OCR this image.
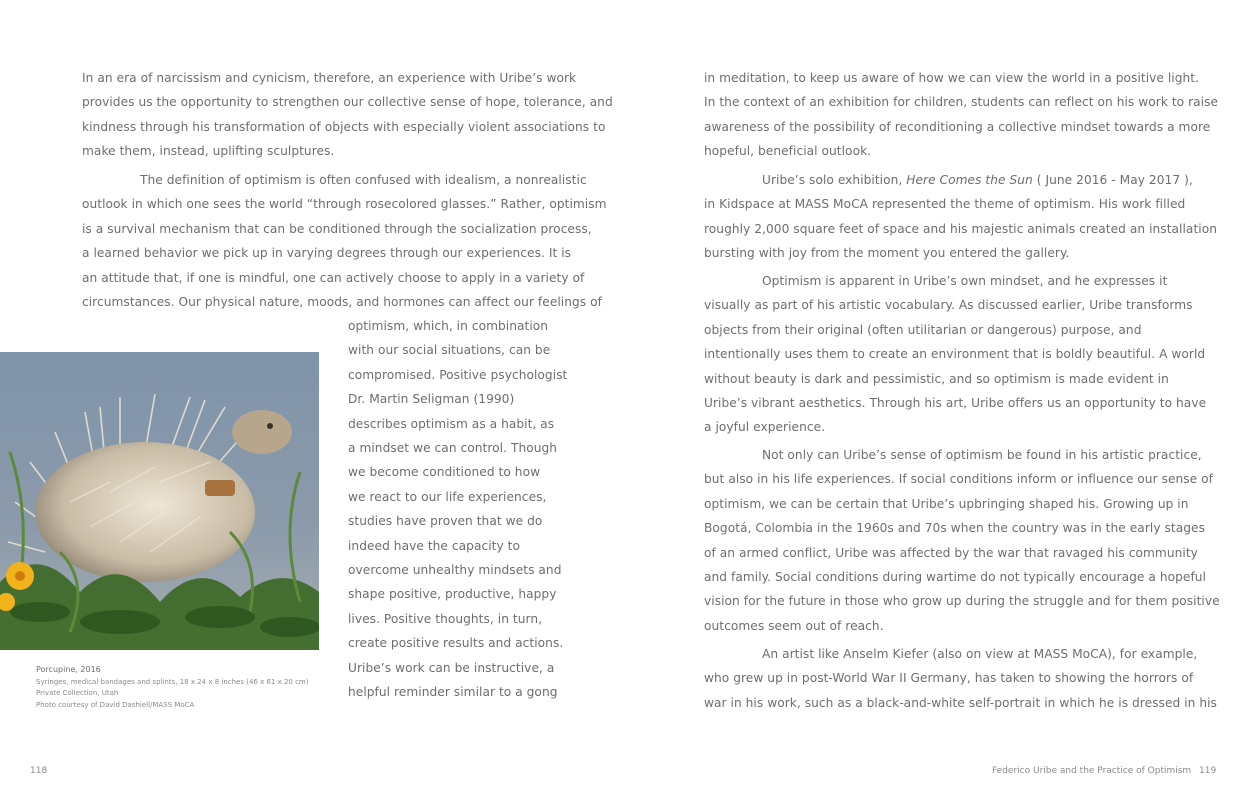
In an era of narcissism and cynicism, therefore, an experience with Uribe’s work
provides us the opportunity to strengthen our collective sense of hope, tolerance, and
kindness through his transformation of objects with especially violent associations to
make them, instead, uplifting sculptures.
The definition of optimism is often confused with idealism, a nonrealistic
outlook in which one sees the world “through rosecolored glasses.” Rather, optimism
is a survival mechanism that can be conditioned through the socialization process,
a learned behavior we pick up in varying degrees through our experiences. It is
an attitude that, if one is mindful, one can actively choose to apply in a variety of
circumstances. Our physical nature, moods, and hormones can affect our feelings of
optimism, which, in combination
with our social situations, can be
compromised. Positive psychologist
Dr. Martin Seligman (1990)
describes optimism as a habit, as
a mindset we can control. Though
we become conditioned to how
we react to our life experiences,
studies have proven that we do
indeed have the capacity to
overcome unhealthy mindsets and
shape positive, productive, happy
lives. Positive thoughts, in turn,
create positive results and actions.
Uribe’s work can be instructive, a
helpful reminder similar to a gong
Porcupine, 2016
Syringes, medical bandages and splints, 18 x 24 x 8 inches (46 x 61 x 20 cm)
Private Collection, Utah
Photo courtesy of David Dashiell/MASS MoCA
118
in meditation, to keep us aware of how we can view the world in a positive light.
In the context of an exhibition for children, students can reflect on his work to raise
awareness of the possibility of reconditioning a collective mindset towards a more
hopeful, beneficial outlook.
Uribe’s solo exhibition, Here Comes the Sun ( June 2016 - May 2017 ),
in Kidspace at MASS MoCA represented the theme of optimism. His work filled
roughly 2,000 square feet of space and his majestic animals created an installation
bursting with joy from the moment you entered the gallery.
Optimism is apparent in Uribe’s own mindset, and he expresses it
visually as part of his artistic vocabulary. As discussed earlier, Uribe transforms
objects from their original (often utilitarian or dangerous) purpose, and
intentionally uses them to create an environment that is boldly beautiful. A world
without beauty is dark and pessimistic, and so optimism is made evident in
Uribe’s vibrant aesthetics. Through his art, Uribe offers us an opportunity to have
a joyful experience.
Not only can Uribe’s sense of optimism be found in his artistic practice,
but also in his life experiences. If social conditions inform or influence our sense of
optimism, we can be certain that Uribe’s upbringing shaped his. Growing up in
Bogotá, Colombia in the 1960s and 70s when the country was in the early stages
of an armed conflict, Uribe was affected by the war that ravaged his community
and family. Social conditions during wartime do not typically encourage a hopeful
vision for the future in those who grow up during the struggle and for them positive
outcomes seem out of reach.
An artist like Anselm Kiefer (also on view at MASS MoCA), for example,
who grew up in post-World War II Germany, has taken to showing the horrors of
war in his work, such as a black-and-white self-portrait in which he is dressed in his
Federico Uribe and the Practice of Optimism 119
